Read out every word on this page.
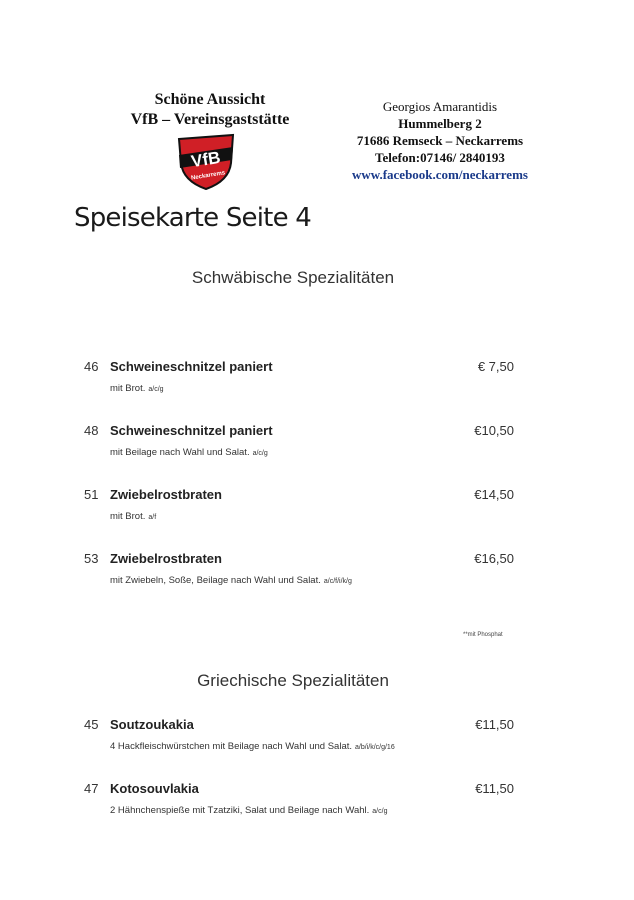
Schöne Aussicht
VfB – Vereinsgaststätte
VfB
Neckarrems
Georgios Amarantidis
Hummelberg 2
71686 Remseck – Neckarrems
Telefon:07146/ 2840193
www.facebook.com/neckarrems
Speisekarte Seite 4
Schwäbische Spezialitäten
46 Schweineschnitzel paniert	€ 7,50
mit Brot. a/c/g
48 Schweineschnitzel paniert	€10,50
mit Beilage nach Wahl und Salat. a/c/g
51 Zwiebelrostbraten	€14,50
mit Brot. a/f
53 Zwiebelrostbraten	€16,50
mit Zwiebeln, Soße, Beilage nach Wahl und Salat. a/c/f/i/k/g
**mit Phosphat
Griechische Spezialitäten
45 Soutzoukakia	€11,50
4 Hackfleischwürstchen mit Beilage nach Wahl und Salat. a/b/i/k/c/g/16
47 Kotosouvlakia	€11,50
2 Hähnchenspieße mit Tzatziki, Salat und Beilage nach Wahl. a/c/g
